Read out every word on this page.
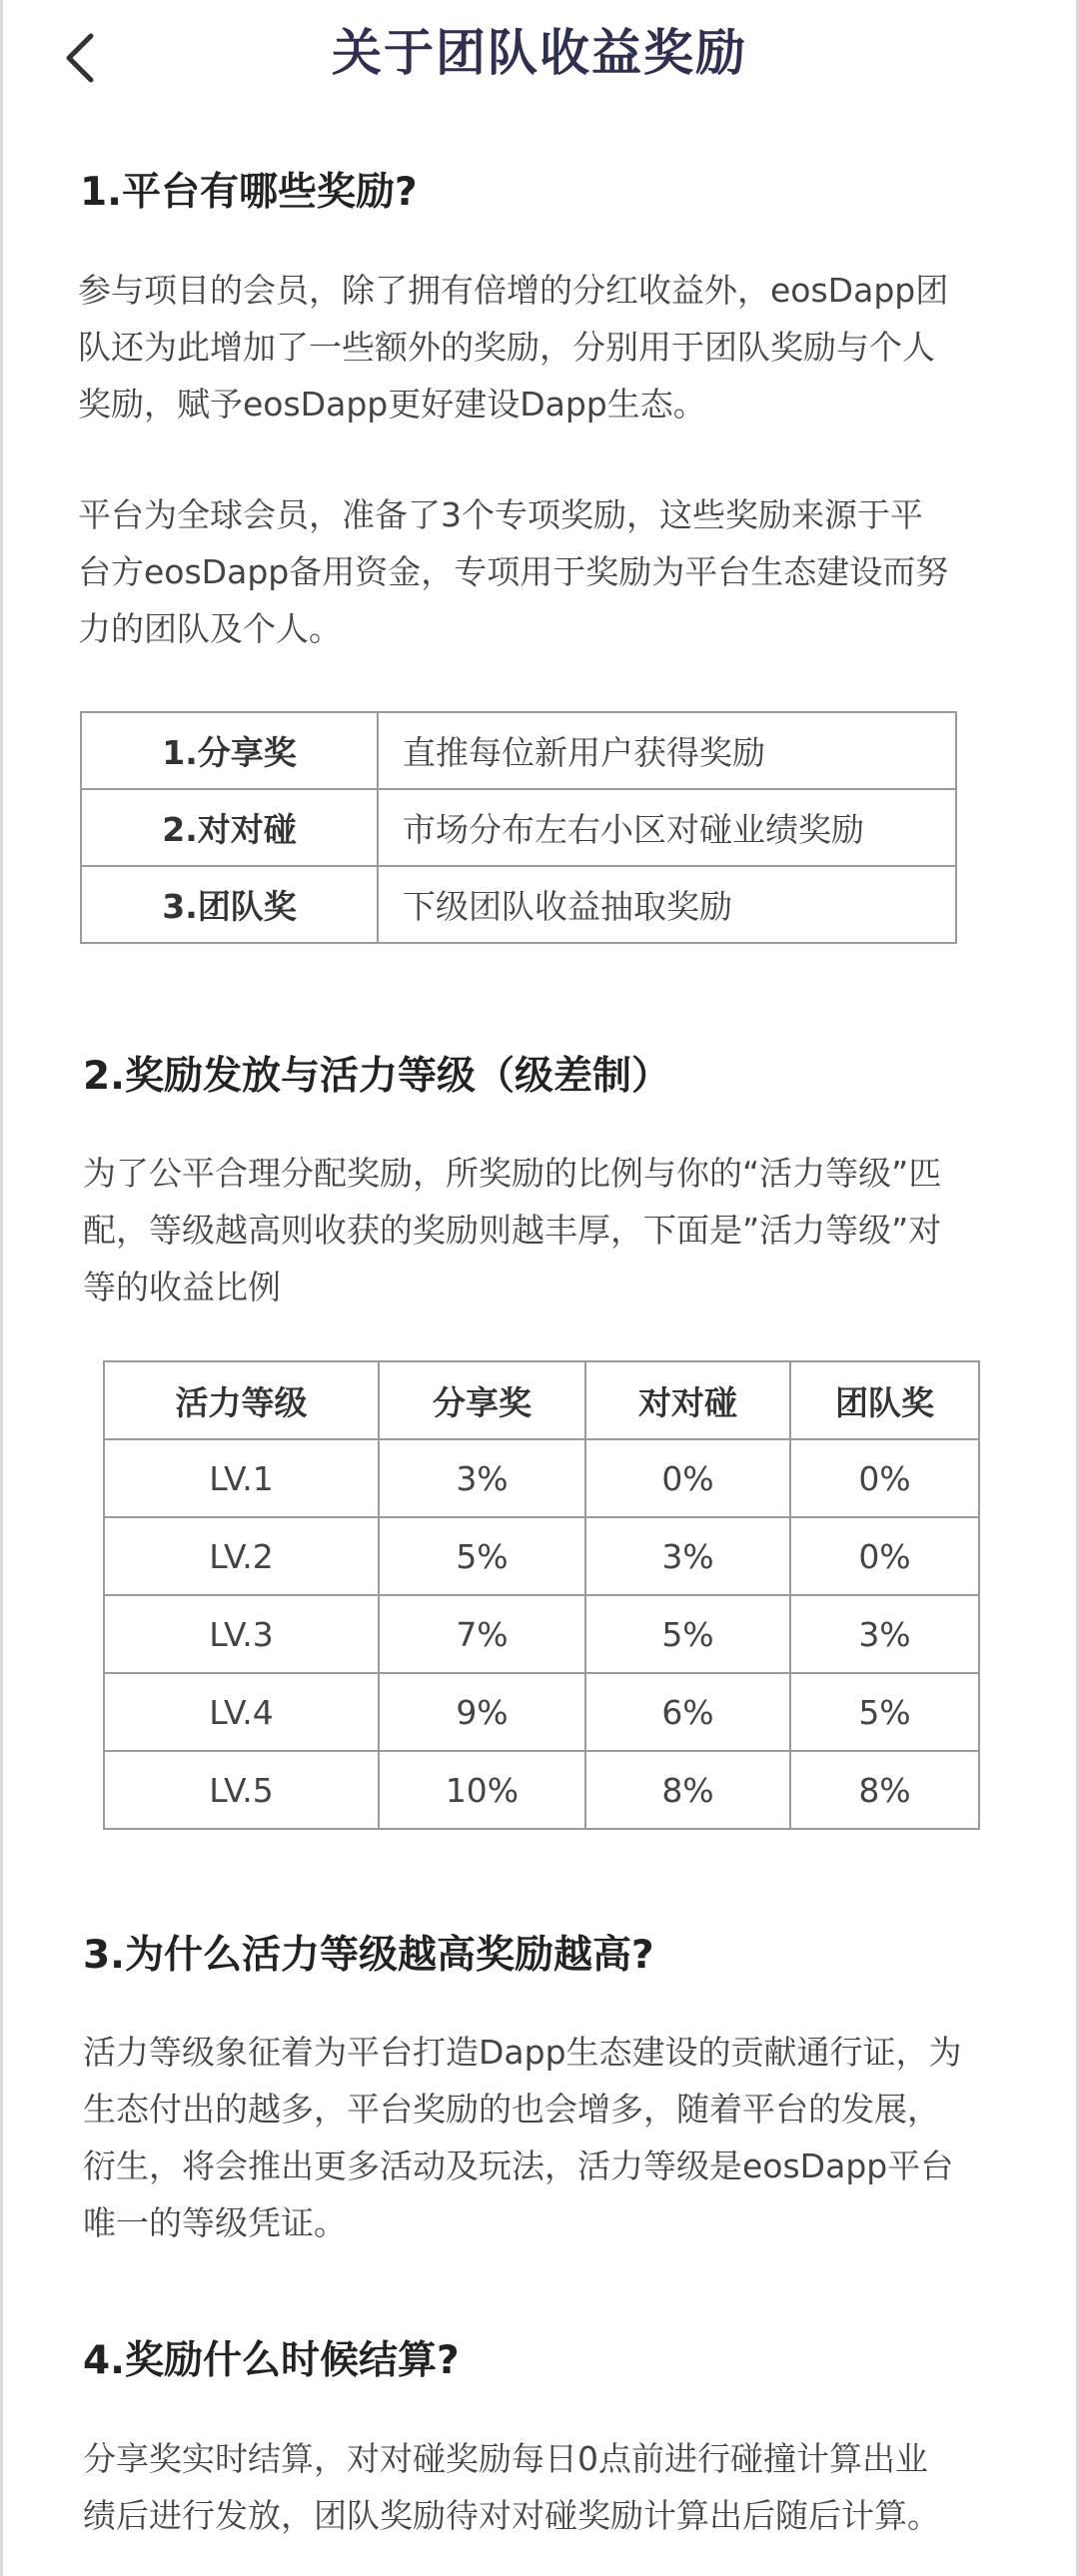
关于团队收益奖励
1.平台有哪些奖励?
参与项目的会员，除了拥有倍增的分红收益外，eosDapp团
队还为此增加了一些额外的奖励，分别用于团队奖励与个人
奖励，赋予eosDapp更好建设Dapp生态。
平台为全球会员，准备了3个专项奖励，这些奖励来源于平
台方eosDapp备用资金，专项用于奖励为平台生态建设而努
力的团队及个人。
1.分享奖	直推每位新用户获得奖励
2.对对碰	市场分布左右小区对碰业绩奖励
3.团队奖	下级团队收益抽取奖励
2.奖励发放与活力等级（级差制）
为了公平合理分配奖励，所奖励的比例与你的“活力等级”匹
配，等级越高则收获的奖励则越丰厚，下面是”活力等级”对
等的收益比例
活力等级	分享奖	对对碰	团队奖
LV.1	3%	0%	0%
LV.2	5%	3%	0%
LV.3	7%	5%	3%
LV.4	9%	6%	5%
LV.5	10%	8%	8%
3.为什么活力等级越高奖励越高?
活力等级象征着为平台打造Dapp生态建设的贡献通行证，为
生态付出的越多，平台奖励的也会增多，随着平台的发展，
衍生，将会推出更多活动及玩法，活力等级是eosDapp平台
唯一的等级凭证。
4.奖励什么时候结算?
分享奖实时结算，对对碰奖励每日0点前进行碰撞计算出业
绩后进行发放，团队奖励待对对碰奖励计算出后随后计算。
